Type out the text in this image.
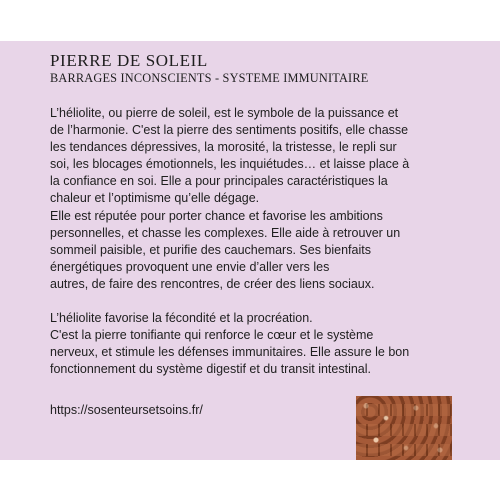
PIERRE DE SOLEIL
BARRAGES INCONSCIENTS - SYSTEME IMMUNITAIRE

L’héliolite, ou pierre de soleil, est le symbole de la puissance et

de l’harmonie. C'est la pierre des sentiments positifs, elle chasse

les tendances dépressives, la morosité, la tristesse, le repli sur

soi, les blocages émotionnels, les inquiétudes… et laisse place à

la confiance en soi. Elle a pour principales caractéristiques la

chaleur et l’optimisme qu’elle dégage.

Elle est réputée pour porter chance et favorise les ambitions

personnelles, et chasse les complexes. Elle aide à retrouver un

sommeil paisible, et purifie des cauchemars. Ses bienfaits

énergétiques provoquent une envie d’aller vers les

autres, de faire des rencontres, de créer des liens sociaux.

L’héliolite favorise la fécondité et la procréation.

C'est la pierre tonifiante qui renforce le cœur et le système

nerveux, et stimule les défenses immunitaires. Elle assure le bon

fonctionnement du système digestif et du transit intestinal.

https://sosenteursetsoins.fr/
